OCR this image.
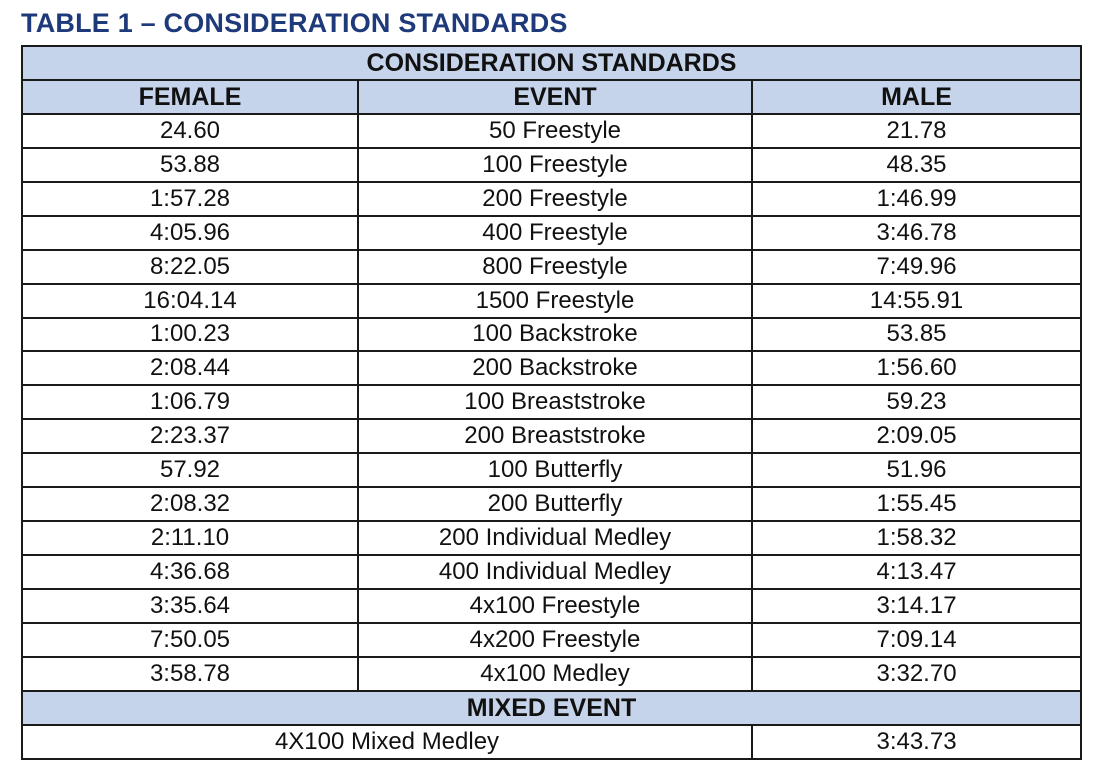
TABLE 1 – CONSIDERATION STANDARDS
CONSIDERATION STANDARDS		
FEMALE	EVENT	MALE
24.60	50 Freestyle	21.78
53.88	100 Freestyle	48.35
1:57.28	200 Freestyle	1:46.99
4:05.96	400 Freestyle	3:46.78
8:22.05	800 Freestyle	7:49.96
16:04.14	1500 Freestyle	14:55.91
1:00.23	100 Backstroke	53.85
2:08.44	200 Backstroke	1:56.60
1:06.79	100 Breaststroke	59.23
2:23.37	200 Breaststroke	2:09.05
57.92	100 Butterfly	51.96
2:08.32	200 Butterfly	1:55.45
2:11.10	200 Individual Medley	1:58.32
4:36.68	400 Individual Medley	4:13.47
3:35.64	4x100 Freestyle	3:14.17
7:50.05	4x200 Freestyle	7:09.14
3:58.78	4x100 Medley	3:32.70
MIXED EVENT		
4X100 Mixed Medley		3:43.73
